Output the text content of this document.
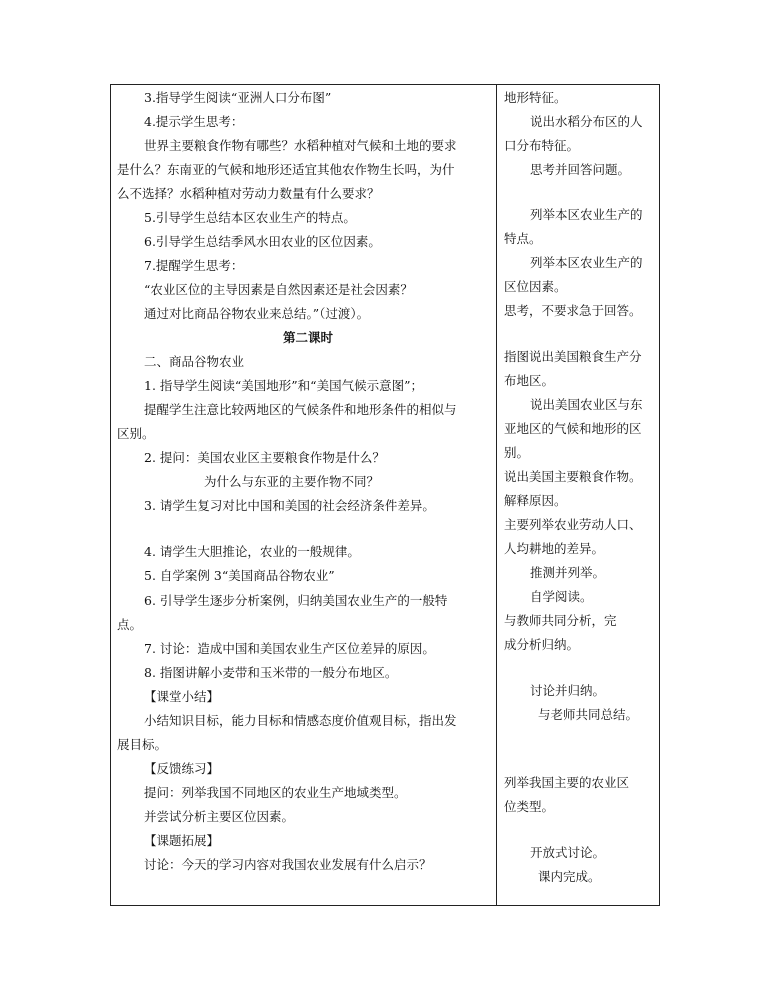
3.指导学生阅读“亚洲人口分布图”
4.提示学生思考：
世界主要粮食作物有哪些？水稻种植对气候和土地的要求
是什么？东南亚的气候和地形还适宜其他农作物生长吗，为什
么不选择？水稻种植对劳动力数量有什么要求？
5.引导学生总结本区农业生产的特点。
6.引导学生总结季风水田农业的区位因素。
7.提醒学生思考：
“农业区位的主导因素是自然因素还是社会因素？
通过对比商品谷物农业来总结。”（过渡）。
第二课时
二、商品谷物农业
1. 指导学生阅读“美国地形”和“美国气候示意图”；
提醒学生注意比较两地区的气候条件和地形条件的相似与
区别。
2. 提问：美国农业区主要粮食作物是什么？
为什么与东亚的主要作物不同？
3. 请学生复习对比中国和美国的社会经济条件差异。
4. 请学生大胆推论，农业的一般规律。
5. 自学案例 3“美国商品谷物农业”
6. 引导学生逐步分析案例，归纳美国农业生产的一般特
点。
7. 讨论：造成中国和美国农业生产区位差异的原因。
8. 指图讲解小麦带和玉米带的一般分布地区。
【课堂小结】
小结知识目标，能力目标和情感态度价值观目标，指出发
展目标。
【反馈练习】
提问：列举我国不同地区的农业生产地域类型。
并尝试分析主要区位因素。
【课题拓展】
讨论：今天的学习内容对我国农业发展有什么启示？
地形特征。
说出水稻分布区的人
口分布特征。
思考并回答问题。
列举本区农业生产的
特点。
列举本区农业生产的
区位因素。
思考，不要求急于回答。
指图说出美国粮食生产分
布地区。
说出美国农业区与东
亚地区的气候和地形的区
别。
说出美国主要粮食作物。
解释原因。
主要列举农业劳动人口、
人均耕地的差异。
推测并列举。
自学阅读。
与教师共同分析，完
成分析归纳。
讨论并归纳。
与老师共同总结。
列举我国主要的农业区
位类型。
开放式讨论。
课内完成。
